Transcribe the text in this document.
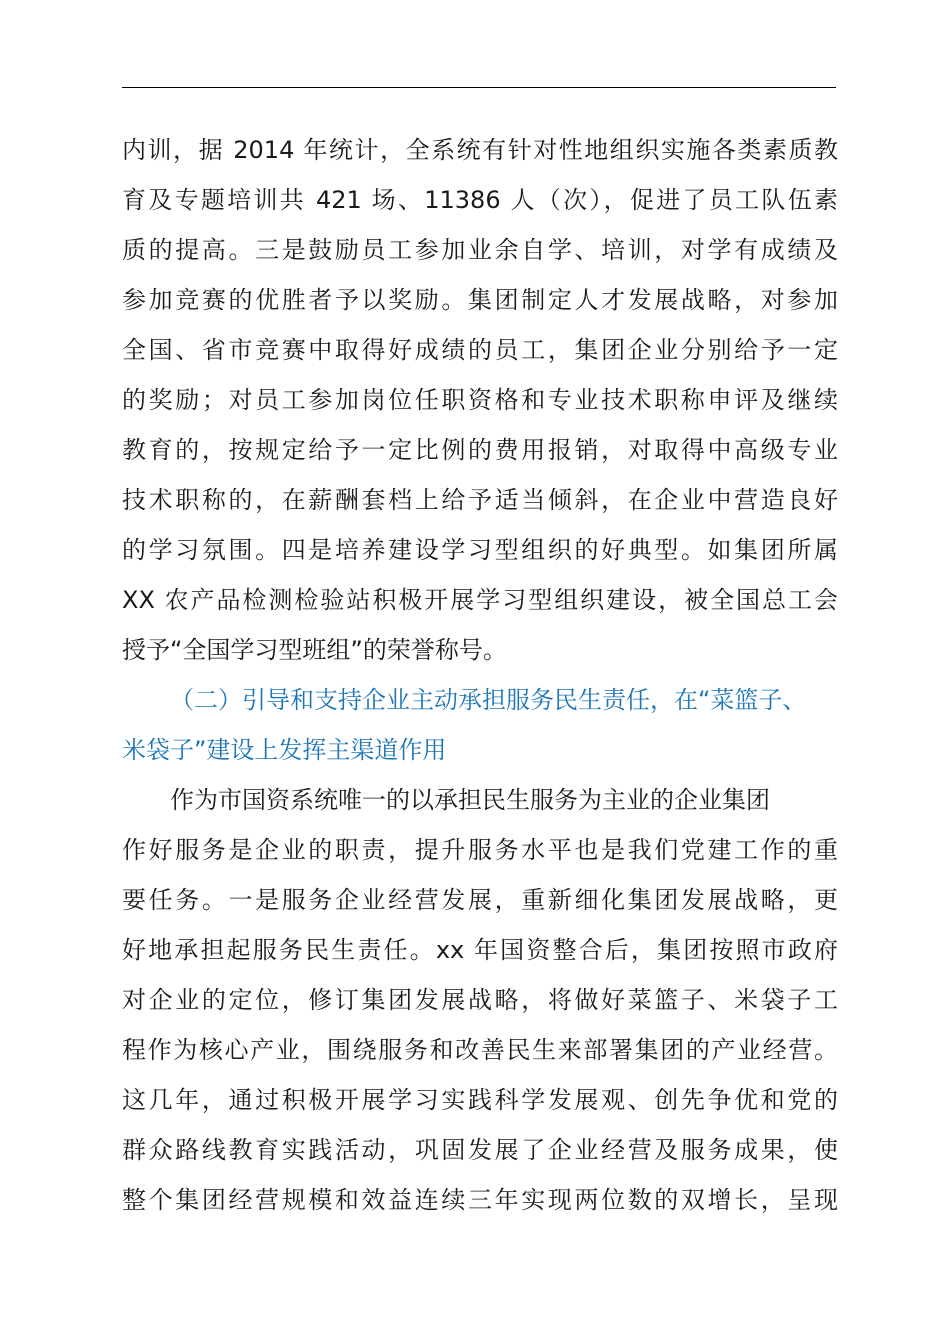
内训，据 2014 年统计，全系统有针对性地组织实施各类素质教
育及专题培训共 421 场、11386 人（次），促进了员工队伍素
质的提高。三是鼓励员工参加业余自学、培训，对学有成绩及
参加竞赛的优胜者予以奖励。集团制定人才发展战略，对参加
全国、省市竞赛中取得好成绩的员工，集团企业分别给予一定
的奖励；对员工参加岗位任职资格和专业技术职称申评及继续
教育的，按规定给予一定比例的费用报销，对取得中高级专业
技术职称的，在薪酬套档上给予适当倾斜，在企业中营造良好
的学习氛围。四是培养建设学习型组织的好典型。如集团所属
XX 农产品检测检验站积极开展学习型组织建设，被全国总工会
授予“全国学习型班组”的荣誉称号。
（二）引导和支持企业主动承担服务民生责任，在“菜篮子、
米袋子”建设上发挥主渠道作用
作为市国资系统唯一的以承担民生服务为主业的企业集团
作好服务是企业的职责，提升服务水平也是我们党建工作的重
要任务。一是服务企业经营发展，重新细化集团发展战略，更
好地承担起服务民生责任。xx 年国资整合后，集团按照市政府
对企业的定位，修订集团发展战略，将做好菜篮子、米袋子工
程作为核心产业，围绕服务和改善民生来部署集团的产业经营。
这几年，通过积极开展学习实践科学发展观、创先争优和党的
群众路线教育实践活动，巩固发展了企业经营及服务成果，使
整个集团经营规模和效益连续三年实现两位数的双增长，呈现
